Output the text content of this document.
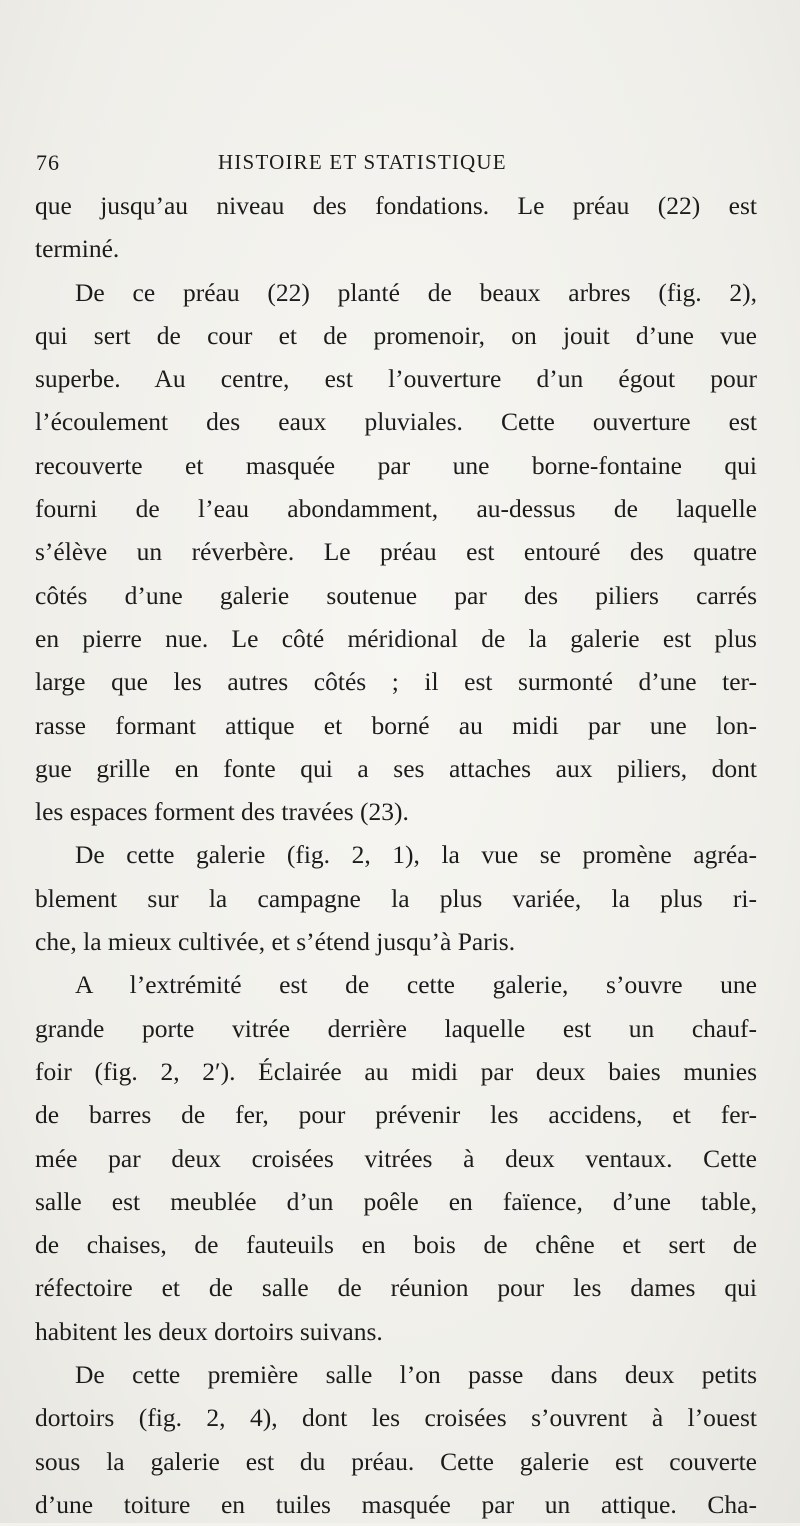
76	HISTOIRE ET STATISTIQUE
que jusqu’au niveau des fondations. Le préau (22) est
terminé.
De ce préau (22) planté de beaux arbres (fig. 2),
qui sert de cour et de promenoir, on jouit d’une vue
superbe. Au centre, est l’ouverture d’un égout pour
l’écoulement des eaux pluviales. Cette ouverture est
recouverte et masquée par une borne-fontaine qui
fourni de l’eau abondamment, au-dessus de laquelle
s’élève un réverbère. Le préau est entouré des quatre
côtés d’une galerie soutenue par des piliers carrés
en pierre nue. Le côté méridional de la galerie est plus
large que les autres côtés ; il est surmonté d’une ter-
rasse formant attique et borné au midi par une lon-
gue grille en fonte qui a ses attaches aux piliers, dont
les espaces forment des travées (23).
De cette galerie (fig. 2, 1), la vue se promène agréa-
blement sur la campagne la plus variée, la plus ri-
che, la mieux cultivée, et s’étend jusqu’à Paris.
A l’extrémité est de cette galerie, s’ouvre une
grande porte vitrée derrière laquelle est un chauf-
foir (fig. 2, 2′). Éclairée au midi par deux baies munies
de barres de fer, pour prévenir les accidens, et fer-
mée par deux croisées vitrées à deux ventaux. Cette
salle est meublée d’un poêle en faïence, d’une table,
de chaises, de fauteuils en bois de chêne et sert de
réfectoire et de salle de réunion pour les dames qui
habitent les deux dortoirs suivans.
De cette première salle l’on passe dans deux petits
dortoirs (fig. 2, 4), dont les croisées s’ouvrent à l’ouest
sous la galerie est du préau. Cette galerie est couverte
d’une toiture en tuiles masquée par un attique. Cha-
